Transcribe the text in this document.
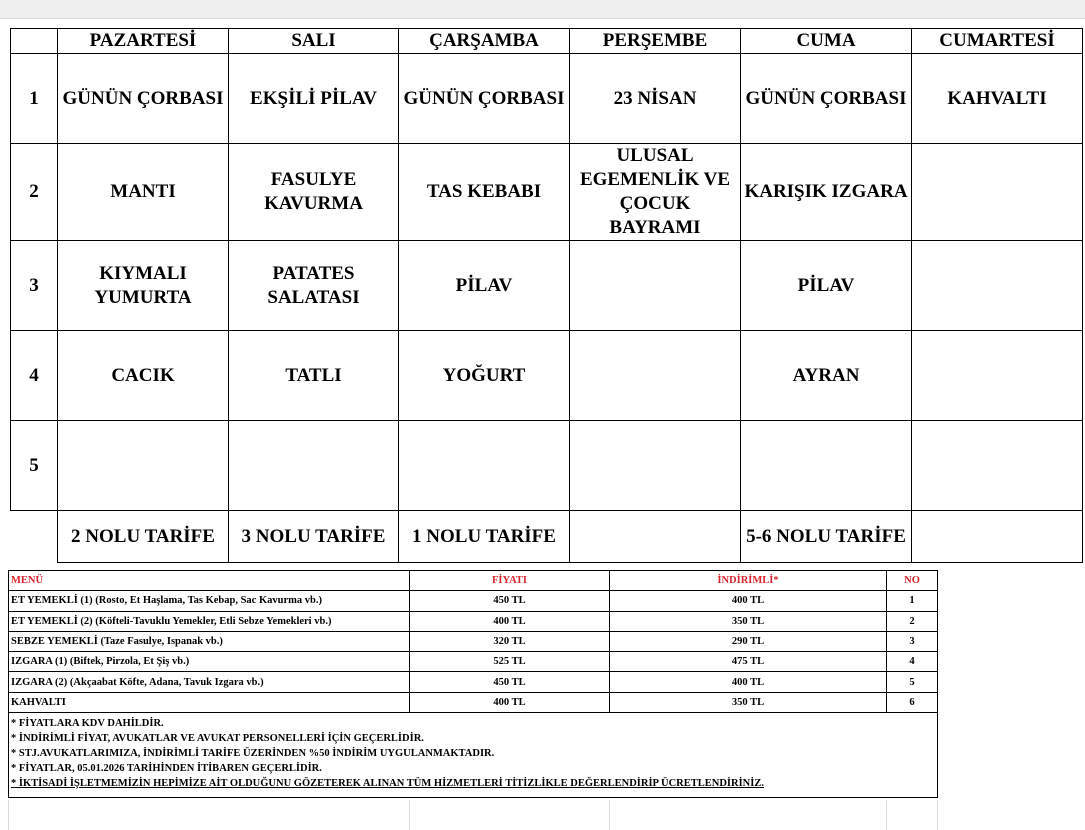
	PAZARTESİ	SALI	ÇARŞAMBA	PERŞEMBE	CUMA	CUMARTESİ
1	GÜNÜN ÇORBASI	EKŞİLİ PİLAV	GÜNÜN ÇORBASI	23 NİSAN	GÜNÜN ÇORBASI	KAHVALTI
2	MANTI	FASULYE KAVURMA	TAS KEBABI	ULUSAL EGEMENLİK VE ÇOCUK BAYRAMI	KARIŞIK IZGARA	
3	KIYMALI YUMURTA	PATATES SALATASI	PİLAV		PİLAV	
4	CACIK	TATLI	YOĞURT		AYRAN	
5						
	2 NOLU TARİFE	3 NOLU TARİFE	1 NOLU TARİFE		5-6 NOLU TARİFE	
MENÜ	FİYATI	İNDİRİMLİ*	NO
ET YEMEKLİ (1) (Rosto, Et Haşlama, Tas Kebap, Sac Kavurma vb.)	450 TL	400 TL	1
ET YEMEKLİ (2) (Köfteli-Tavuklu Yemekler, Etli Sebze Yemekleri vb.)	400 TL	350 TL	2
SEBZE YEMEKLİ (Taze Fasulye, Ispanak vb.)	320 TL	290 TL	3
IZGARA (1) (Biftek, Pirzola, Et Şiş vb.)	525 TL	475 TL	4
IZGARA (2) (Akçaabat Köfte, Adana, Tavuk Izgara vb.)	450 TL	400 TL	5
KAHVALTI	400 TL	350 TL	6

* FİYATLARA KDV DAHİLDİR.
* İNDİRİMLİ FİYAT, AVUKATLAR VE AVUKAT PERSONELLERİ İÇİN GEÇERLİDİR.
* STJ.AVUKATLARIMIZA, İNDİRİMLİ TARİFE ÜZERİNDEN %50 İNDİRİM UYGULANMAKTADIR.
* FİYATLAR, 05.01.2026 TARİHİNDEN İTİBAREN GEÇERLİDİR.
* İKTİSADİ İŞLETMEMİZİN HEPİMİZE AİT OLDUĞUNU GÖZETEREK ALINAN TÜM HİZMETLERİ TİTİZLİKLE DEĞERLENDİRİP ÜCRETLENDİRİNİZ.			
